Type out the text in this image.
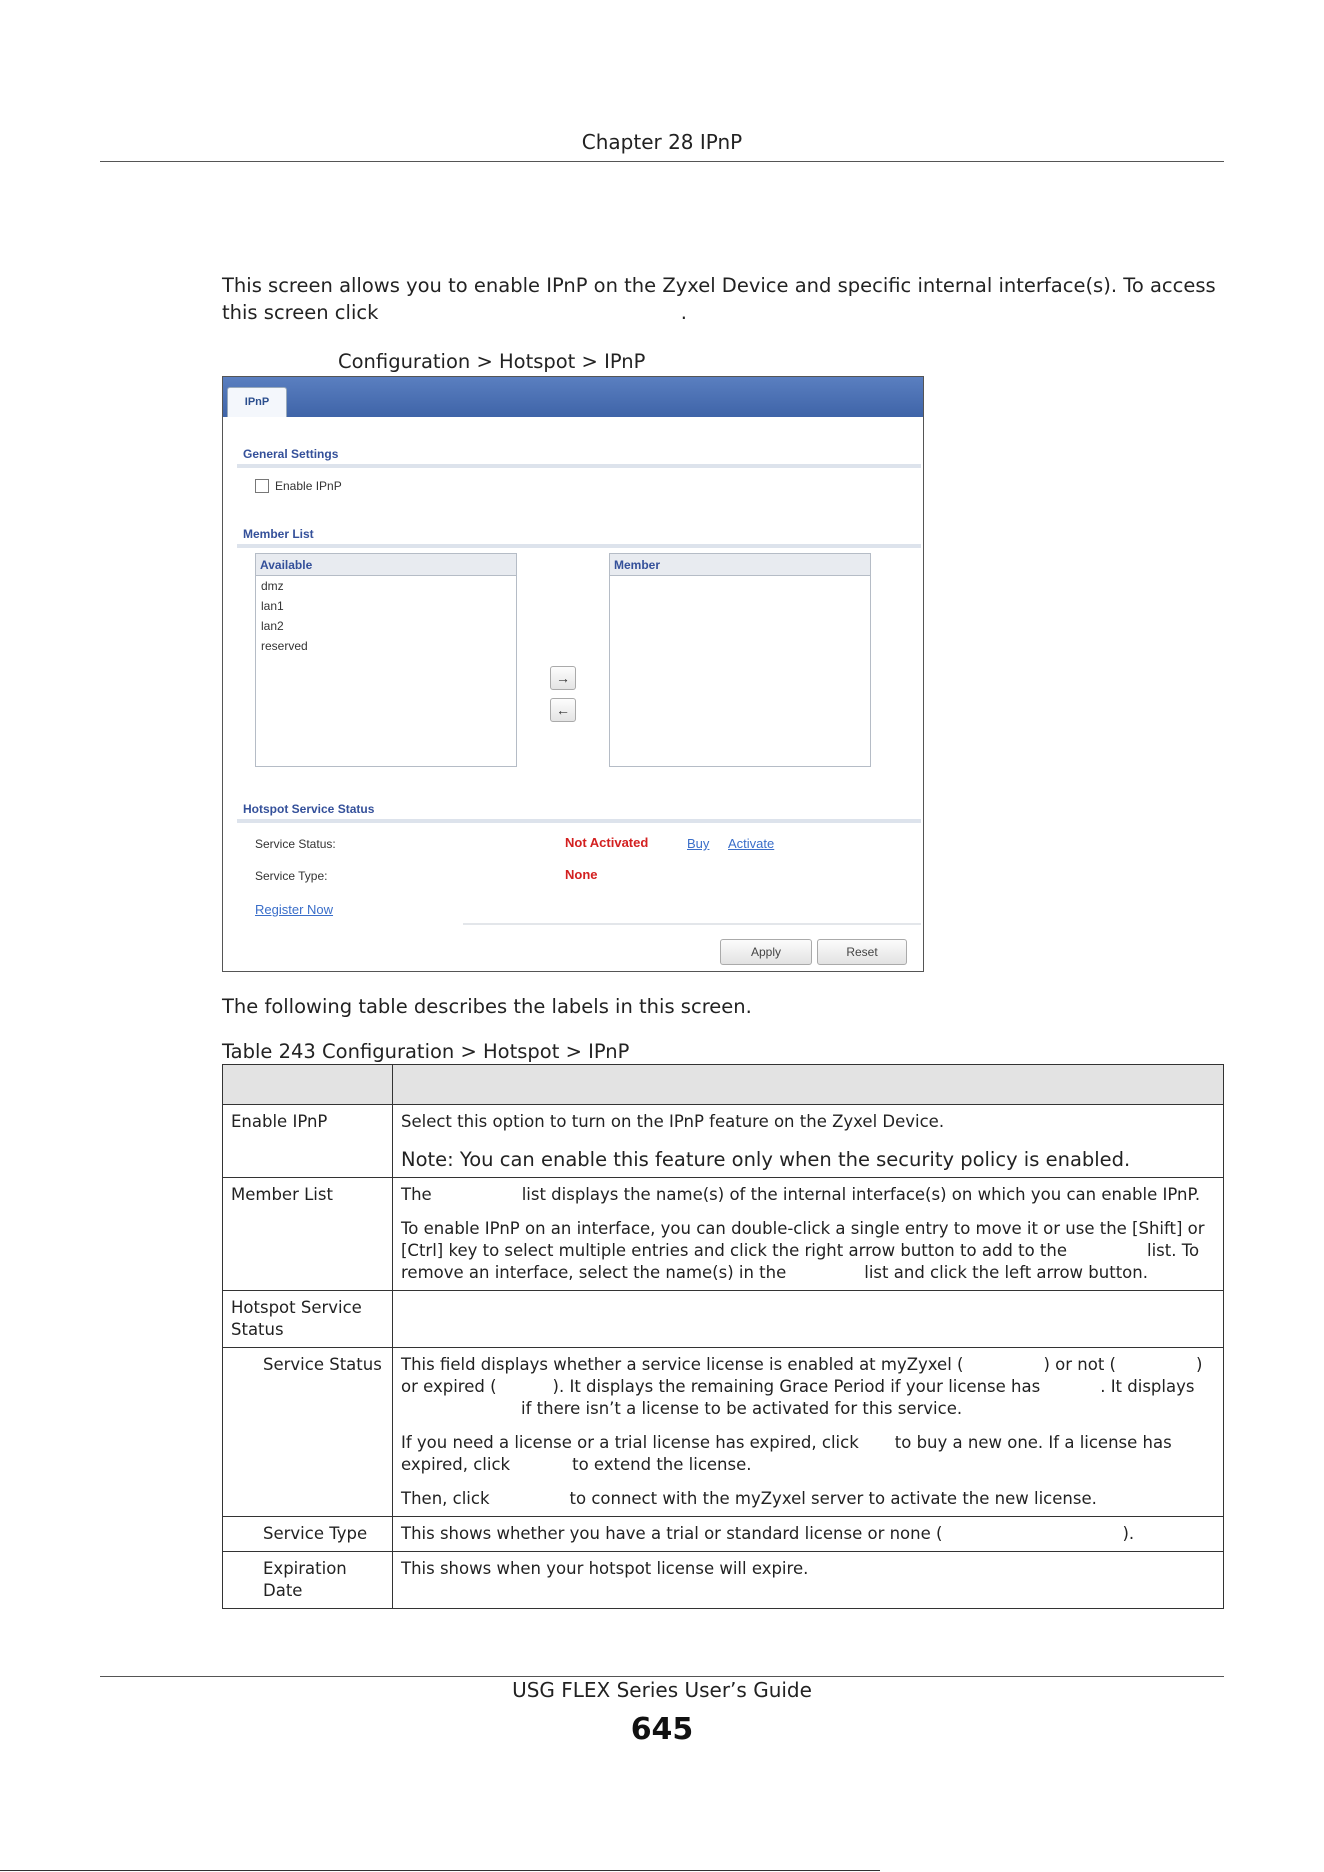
Chapter 28 IPnP
This screen allows you to enable IPnP on the Zyxel Device and specific internal interface(s). To access
this screen click	.
Configuration > Hotspot > IPnP
IPnP
General Settings
Enable IPnP
Member List
Available
dmz
lan1
lan2
reserved
→
←
Member
Hotspot Service Status
Service Status:	Not Activated	Buy Activate
Service Type:	None
Register Now
Apply	Reset
The following table describes the labels in this screen.
Table 243 Configuration > Hotspot > IPnP

Enable IPnP	Select this option to turn on the IPnP feature on the Zyxel Device.
Note: You can enable this feature only when the security policy is enabled.

Member List	The list displays the name(s) of the internal interface(s) on which you can enable IPnP.
To enable IPnP on an interface, you can double-click a single entry to move it or use the [Shift] or [Ctrl] key to select multiple entries and click the right arrow button to add to the list. To remove an interface, select the name(s) in the list and click the left arrow button.

Hotspot Service Status	
Service Status	This field displays whether a service license is enabled at myZyxel ( ) or not ( ) or expired ( ). It displays the remaining Grace Period if your license has . It displaysif there isn’t a license to be activated for this service.
If you need a license or a trial license has expired, click to buy a new one. If a license has expired, click to extend the license.
Then, click to connect with the myZyxel server to activate the new license.

Service Type	This shows whether you have a trial or standard license or none ( ).
Expiration Date	This shows when your hotspot license will expire.
USG FLEX Series User’s Guide
645
